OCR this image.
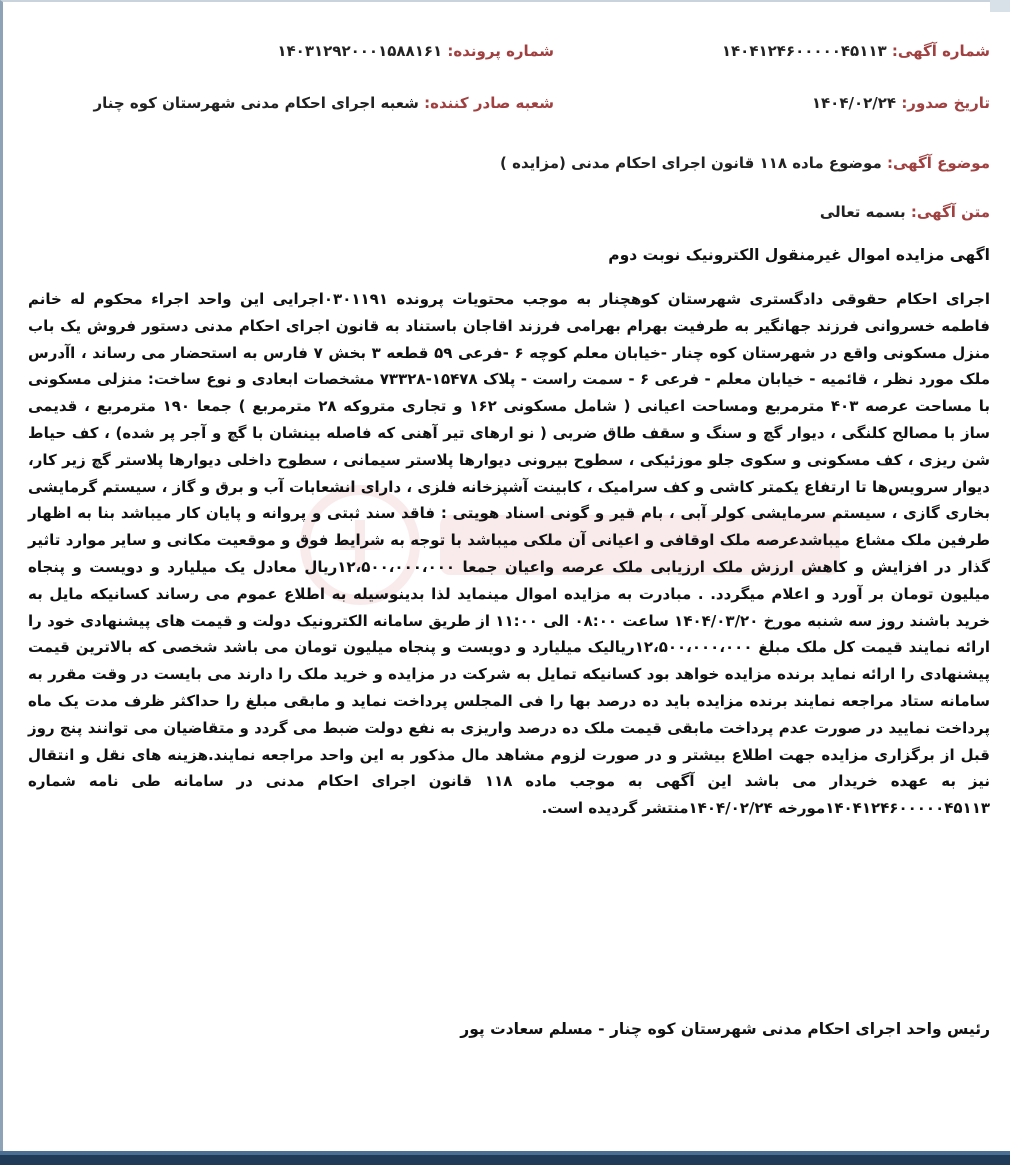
شماره آگهی: ۱۴۰۴۱۲۴۶۰۰۰۰۰۴۵۱۱۳
شماره پرونده: ۱۴۰۳۱۲۹۲۰۰۰۱۵۸۸۱۶۱
تاریخ صدور: ۱۴۰۴/۰۲/۲۴
شعبه صادر کننده: شعبه اجرای احکام مدنی شهرستان کوه چنار
موضوع آگهی: موضوع ماده ۱۱۸ قانون اجرای احکام مدنی (مزایده )
متن آگهی: بسمه تعالی
اگهی مزایده اموال غیرمنقول الکترونیک نوبت دوم
اجرای احکام حقوقی دادگستری شهرستان کوهچنار به موجب محتویات پرونده ۰۳۰۱۱۹۱اجرایی این واحد اجراء محکوم له خانم فاطمه خسروانی فرزند جهانگیر به طرفیت بهرام بهرامی فرزند اقاجان باستناد به قانون اجرای احکام مدنی دستور فروش یک باب منزل مسکونی واقع در شهرستان کوه چنار -خیابان معلم کوچه ۶ -فرعی ۵۹ قطعه ۳ بخش ۷ فارس به استحضار می رساند ، اآدرس ملک مورد نظر ، قائمیه - خیابان معلم - فرعی ۶ - سمت راست - پلاک ۱۵۴۷۸-۷۳۳۲۸ مشخصات ابعادی و نوع ساخت: منزلی مسکونی با مساحت عرصه ۴۰۳ مترمربع ومساحت اعیانی ( شامل مسکونی ۱۶۲ و تجاری متروکه ۲۸ مترمربع ) جمعا ۱۹۰ مترمربع ، قدیمی ساز با مصالح کلنگی ، دیوار گچ و سنگ و سقف طاق ضربی ( نو ارهای تیر آهنی که فاصله بینشان با گچ و آجر پر شده) ، کف حیاط شن ریزی ، کف مسکونی و سکوی جلو موزئیکی ، سطوح بیرونی دیوارها پلاستر سیمانی ، سطوح داخلی دیوارها پلاستر گچ زیر کار، دیوار سرویس‌ها تا ارتفاع یکمتر کاشی و کف سرامیک ، کابینت آشپزخانه فلزی ، دارای انشعابات آب و برق و گاز ، سیستم گرمایشی بخاری گازی ، سیستم سرمایشی کولر آبی ، بام قیر و گونی اسناد هویتی : فاقد سند ثبتی و پروانه و پایان کار میباشد بنا به اظهار طرفین ملک مشاع میباشدعرصه ملک اوقافی و اعیانی آن ملکی میباشد با توجه به شرایط فوق و موقعیت مکانی و سایر موارد تاثیر گذار در افزایش و کاهش ارزش ملک ارزیابی ملک عرصه واعیان جمعا ۱۲،۵۰۰،۰۰۰،۰۰۰ریال معادل یک میلیارد و دویست و پنجاه میلیون تومان بر آورد و اعلام میگردد. . مبادرت به مزایده اموال مینماید لذا بدینوسیله به اطلاع عموم می رساند کسانیکه مایل به خرید باشند روز سه شنبه مورخ ۱۴۰۴/۰۳/۲۰ ساعت ۰۸:۰۰ الی ۱۱:۰۰ از طریق سامانه الکترونیک دولت و قیمت های پیشنهادی خود را ارائه نمایند قیمت کل ملک مبلغ ۱۲،۵۰۰،۰۰۰،۰۰۰ریالیک میلیارد و دویست و پنجاه میلیون تومان می باشد شخصی که بالاترین قیمت پیشنهادی را ارائه نماید برنده مزایده خواهد بود کسانیکه تمایل به شرکت در مزایده و خرید ملک را دارند می بایست در وقت مقرر به سامانه ستاد مراجعه نمایند برنده مزایده باید ده درصد بها را فی المجلس پرداخت نماید و مابقی مبلغ را حداکثر ظرف مدت یک ماه پرداخت نمایید در صورت عدم پرداخت مابقی قیمت ملک ده درصد واریزی به نفع دولت ضبط می گردد و متقاضیان می توانند پنج روز قبل از برگزاری مزایده جهت اطلاع بیشتر و در صورت لزوم مشاهد مال مذکور به این واحد مراجعه نمایند.هزینه های نقل و انتقال نیز به عهده خریدار می باشد این آگهی به موجب ماده ۱۱۸ قانون اجرای احکام مدنی در سامانه طی نامه شماره ۱۴۰۴۱۲۴۶۰۰۰۰۰۴۵۱۱۳مورخه ۱۴۰۴/۰۲/۲۴منتشر گردیده است.
رئیس واحد اجرای احکام مدنی شهرستان کوه چنار - مسلم سعادت پور
